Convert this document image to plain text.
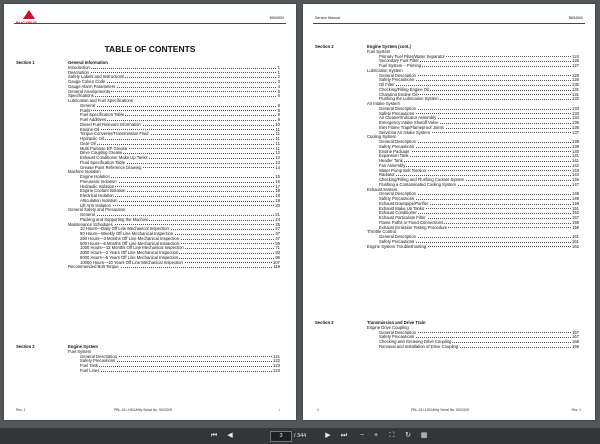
BUCYRUS
B654500
TABLE OF CONTENTS
Section 1	General Information
Section 2	Engine System
Rev. 1	PBL-15 LHD/Utility Serial No. 5002209	i
Introduction	1
Description	1
Safety Labels and Instructions	2
Gauge Colour Code	3
Gauge Alarm Parameters	4
General Arrangements	5
Specifications	6
Lubrication and Fuel Specifications
General	8
Fuels	8
Fuel Specification Table	8
Fuel Additives	9
Diesel Fuel Relevant Information	10
Engine Oil	11
Torque Converter/Transmission Fluid	11
Hydraulic Oil	11
Gear Oil	11
Multi Purpose EP Grease	11
Drive Coupling Grease	12
Exhaust Conditioner Make Up Tanks	12
Fluid Specification Table	13
Grease Point Reference Drawing	14
Machine Isolation
Engine Isolation	15
Pneumatic Isolation	16
Hydraulic Isolation	17
Engine Coolant Isolation	18
Electrical Isolation	18
Articulation Isolation	19
Lift Arm Isolation	20
General Safety and Precaution
General	21
Packing and Supporting the Machine	24
Maintenance Schedules	25
10 Hours—Daily Off Line Mechanical Inspection	27
50 Hours—Weekly Off Line Mechanical Inspection	37
250 Hours—3 Months Off Line Mechanical Inspection	47
500 Hours—6 Months Off Line Mechanical Inspection	59
1000 Hours—12 Months Off Line Mechanical Inspection	71
2000 Hours—2 Years Off Line Mechanical Inspection	83
5000 Hours—5 Years Off Line Mechanical Inspection	95
10000 Hours—10 Years Off Line Mechanical Inspection	107
Recommended Bolt Torque	119
Fuel System
General Description	121
Safety Precautions	122
Fuel Tank	123
Fuel Lines	123
Service Manual	B654500
Section 2	Engine System (cont.)
Section 3	Transmission and Drive Train
ii	PBL-15 LHD/Utility Serial No. 5002209	Rev. 1
Fuel System
Primary Fuel Filter/Water Separator	124
Secondary Fuel Filter	126
Fuel System – Priming	127
Lubrication System
General Description	128
Safety Precautions	129
Oil Filter	130
Checking/Filling Engine Oil	131
Changing Engine Oil	131
Flushing the Lubrication System	132
Air Intake System
General Description	133
Safety Precautions	133
Air Cleaner/Indicator Assembly	134
Emergency Intake Shutoff Valve	135
Inlet Flame Trap/Flameproof Joints	136
Servicing Air Intake System	137
Cooling System
General Description	139
Safety Precautions	139
Engine Package	140
Expansion Tank	141
Header Tank	141
Fan Assembly	142
Water Pump Belt Tension	143
Radiator	144
Checking/Filling and Flushing Coolant System	146
Flushing a Contaminated Cooling System	147
Exhaust System
General Description	148
Safety Precautions	149
Exhaust Downpipe/Purifier	149
Exhaust Make Up Tanks	151
Exhaust Conditioner	152
Exhaust Particulate Filter	157
Flame Paths or Fixed Connections	159
Exhaust Emission Testing Procedure	159
Throttle Control
General Description	161
Safety Precautions	161
Engine System Troubleshooting	162
Engine Drive Coupling
General Description	167
Safety Precautions	167
Checking and Greasing Drive Coupling	168
Removal and Installation of Drive Coupling	169
⏮	◀	3	/ 344	▶	⏭	−	+	⛶	↻	▦
